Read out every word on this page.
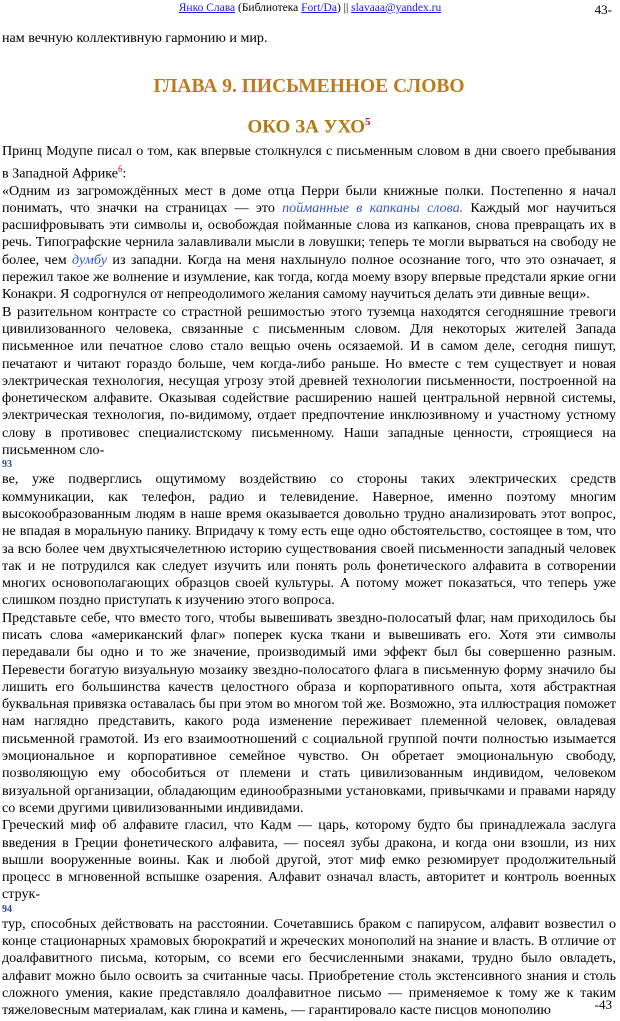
Янко Слава (Библиотека Fort/Da) || slavaaa@yandex.ru	43-

нам вечную коллективную гармонию и мир.

ГЛАВА 9. ПИСЬМЕННОЕ СЛОВО
ОКО ЗА УХО$^5$

Принц Модупе писал о том, как впервые столкнулся с письменным словом в дни своего пребывания в Западной Африке$^6$:

«Одним из загромождённых мест в доме отца Перри были книжные полки. Постепенно я начал понимать, что значки на страницах — это пойманные в капканы слова. Каждый мог научиться расшифровывать эти символы и, освобождая пойманные слова из капканов, снова превращать их в речь. Типографские чернила залавливали мысли в ловушки; теперь те могли вырваться на свободу не более, чем думбу из западни. Когда на меня нахлынуло полное осознание того, что это означает, я пережил такое же волнение и изумление, как тогда, когда моему взору впервые предстали яркие огни Конакри. Я содрогнулся от непреодолимого желания самому научиться делать эти дивные вещи».

В разительном контрасте со страстной решимостью этого туземца находятся сегодняшние тревоги цивилизованного человека, связанные с письменным словом. Для некоторых жителей Запада письменное или печатное слово стало вещью очень осязаемой. И в самом деле, сегодня пишут, печатают и читают гораздо больше, чем когда-либо раньше. Но вместе с тем существует и новая электрическая технология, несущая угрозу этой древней технологии письменности, построенной на фонетическом алфавите. Оказывая содействие расширению нашей центральной нервной системы, электрическая технология, по-видимому, отдает предпочтение инклюзивному и участному устному слову в противовес специалистскому письменному. Наши западные ценности, строящиеся на письменном сло-

93

ве, уже подверглись ощутимому воздействию со стороны таких электрических средств коммуникации, как телефон, радио и телевидение. Наверное, именно поэтому многим высокообразованным людям в наше время оказывается довольно трудно анализировать этот вопрос, не впадая в моральную панику. Впридачу к тому есть еще одно обстоятельство, состоящее в том, что за всю более чем двухтысячелетнюю историю существования своей письменности западный человек так и не потрудился как следует изучить или понять роль фонетического алфавита в сотворении многих основополагающих образцов своей культуры. А потому может показаться, что теперь уже слишком поздно приступать к изучению этого вопроса.

Представьте себе, что вместо того, чтобы вывешивать звездно-полосатый флаг, нам приходилось бы писать слова «американский флаг» поперек куска ткани и вывешивать его. Хотя эти символы передавали бы одно и то же значение, производимый ими эффект был бы совершенно разным. Перевести богатую визуальную мозаику звездно-полосатого флага в письменную форму значило бы лишить его большинства качеств целостного образа и корпоративного опыта, хотя абстрактная буквальная привязка оставалась бы при этом во многом той же. Возможно, эта иллюстрация поможет нам наглядно представить, какого рода изменение переживает племенной человек, овладевая письменной грамотой. Из его взаимоотношений с социальной группой почти полностью изымается эмоциональное и корпоративное семейное чувство. Он обретает эмоциональную свободу, позволяющую ему обособиться от племени и стать цивилизованным индивидом, человеком визуальной организации, обладающим единообразными установками, привычками и правами наряду со всеми другими цивилизованными индивидами.

Греческий миф об алфавите гласил, что Кадм — царь, которому будто бы принадлежала заслуга введения в Греции фонетического алфавита, — посеял зубы дракона, и когда они взошли, из них вышли вооруженные воины. Как и любой другой, этот миф емко резюмирует продолжительный процесс в мгновенной вспышке озарения. Алфавит означал власть, авторитет и контроль военных струк-

94

тур, способных действовать на расстоянии. Сочетавшись браком с папирусом, алфавит возвестил о конце стационарных храмовых бюрократий и жреческих монополий на знание и власть. В отличие от доалфавитного письма, которым, со всеми его бесчисленными знаками, трудно было овладеть, алфавит можно было освоить за считанные часы. Приобретение столь экстенсивного знания и столь сложного умения, какие представляло доалфавитное письмо — применяемое к тому же к таким тяжеловесным материалам, как глина и камень, — гарантировало касте писцов монополию	-43
